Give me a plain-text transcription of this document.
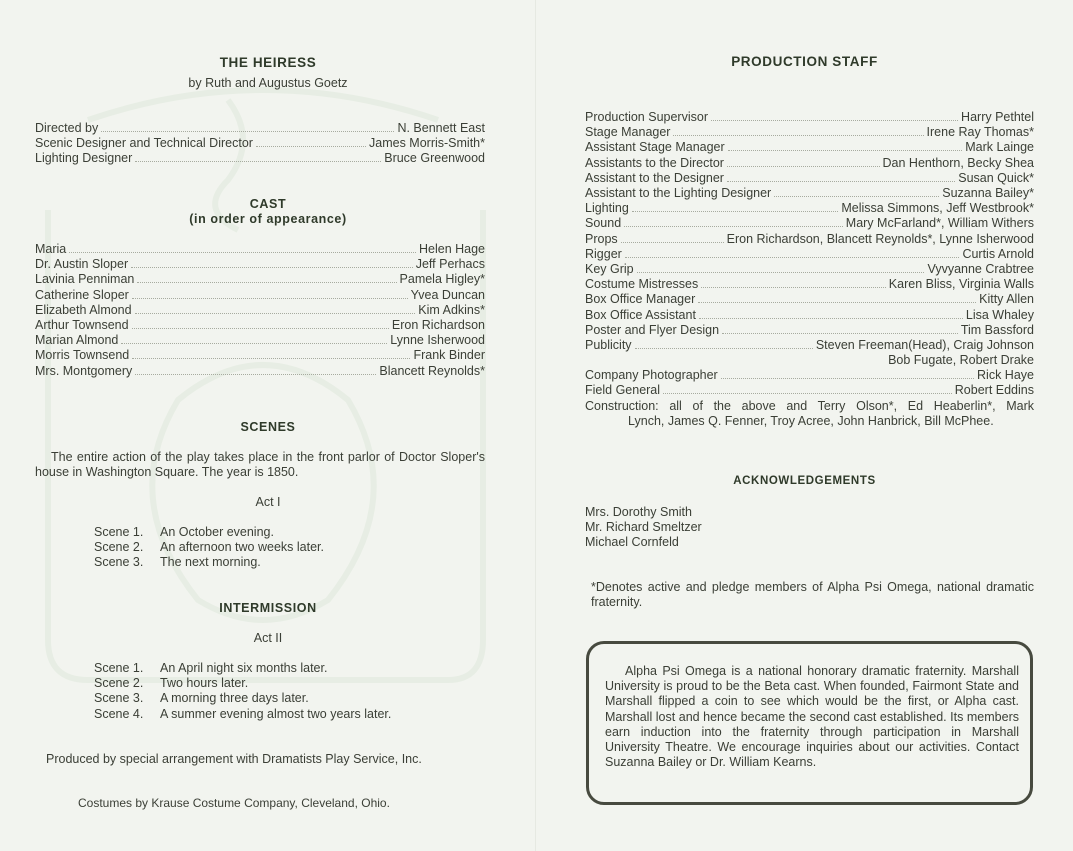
THE HEIRESS
by Ruth and Augustus Goetz
Directed by	N. Bennett East
Scenic Designer and Technical Director	James Morris-Smith*
Lighting Designer	Bruce Greenwood
CAST
(in order of appearance)
Maria	Helen Hage
Dr. Austin Sloper	Jeff Perhacs
Lavinia Penniman	Pamela Higley*
Catherine Sloper	Yvea Duncan
Elizabeth Almond	Kim Adkins*
Arthur Townsend	Eron Richardson
Marian Almond	Lynne Isherwood
Morris Townsend	Frank Binder
Mrs. Montgomery	Blancett Reynolds*
SCENES
The entire action of the play takes place in the front parlor of Doctor Sloper's house in Washington Square. The year is 1850.
Act I
Scene 1.	An October evening.
Scene 2.	An afternoon two weeks later.
Scene 3.	The next morning.
INTERMISSION
Act II
Scene 1.	An April night six months later.
Scene 2.	Two hours later.
Scene 3.	A morning three days later.
Scene 4.	A summer evening almost two years later.
Produced by special arrangement with Dramatists Play Service, Inc.
Costumes by Krause Costume Company, Cleveland, Ohio.
PRODUCTION STAFF
Production Supervisor	Harry Pethtel
Stage Manager	Irene Ray Thomas*
Assistant Stage Manager	Mark Lainge
Assistants to the Director	Dan Henthorn, Becky Shea
Assistant to the Designer	Susan Quick*
Assistant to the Lighting Designer	Suzanna Bailey*
Lighting	Melissa Simmons, Jeff Westbrook*
Sound	Mary McFarland*, William Withers
Props	Eron Richardson, Blancett Reynolds*, Lynne Isherwood
Rigger	Curtis Arnold
Key Grip	Vyvyanne Crabtree
Costume Mistresses	Karen Bliss, Virginia Walls
Box Office Manager	Kitty Allen
Box Office Assistant	Lisa Whaley
Poster and Flyer Design	Tim Bassford
Publicity	Steven Freeman(Head), Craig Johnson
Bob Fugate, Robert Drake
Company Photographer	Rick Haye
Field General	Robert Eddins
Construction: all of the above and Terry Olson*, Ed Heaberlin*, Mark
Lynch, James Q. Fenner, Troy Acree, John Hanbrick, Bill McPhee.
ACKNOWLEDGEMENTS
Mrs. Dorothy Smith
Mr. Richard Smeltzer
Michael Cornfeld
*Denotes active and pledge members of Alpha Psi Omega, national dramatic fraternity.
Alpha Psi Omega is a national honorary dramatic fraternity. Marshall University is proud to be the Beta cast. When founded, Fairmont State and Marshall flipped a coin to see which would be the first, or Alpha cast. Marshall lost and hence became the second cast established. Its members earn induction into the fraternity through participation in Marshall University Theatre. We encourage inquiries about our activities. Contact Suzanna Bailey or Dr. William Kearns.
